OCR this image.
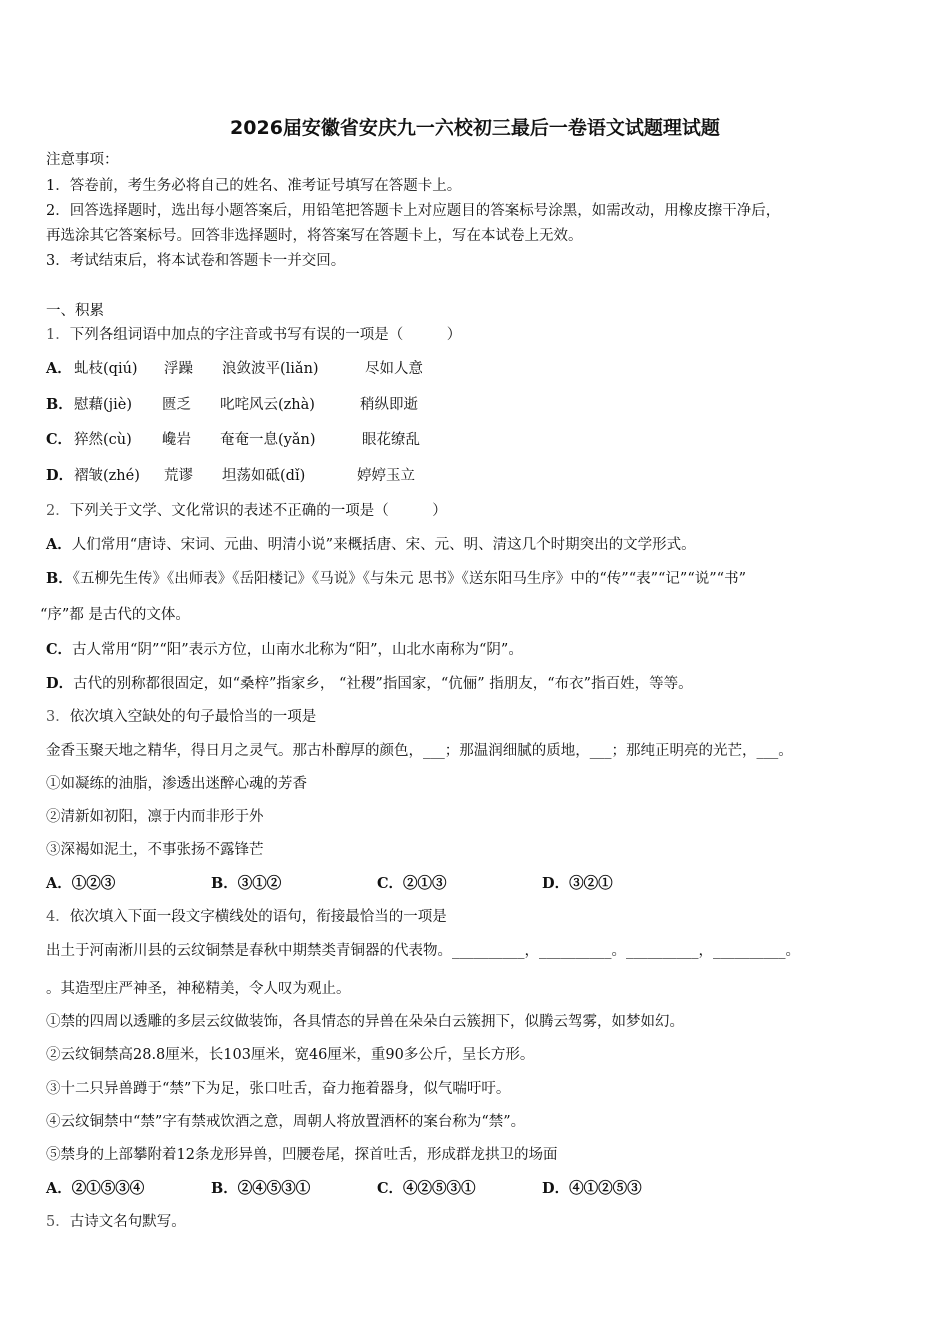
2026届安徽省安庆九一六校初三最后一卷语文试题理试题
注意事项：
1．答卷前，考生务必将自己的姓名、准考证号填写在答题卡上。
2．回答选择题时，选出每小题答案后，用铅笔把答题卡上对应题目的答案标号涂黑，如需改动，用橡皮擦干净后，
再选涂其它答案标号。回答非选择题时，将答案写在答题卡上，写在本试卷上无效。
3．考试结束后，将本试卷和答题卡一并交回。
一、积累
1．下列各组词语中加点的字注音或书写有误的一项是（　　　）
A． 虬枝(qiú) 浮躁 浪敛波平(liǎn)	尽如人意
B． 慰藉(jiè) 匮乏 叱咤风云(zhà)	稍纵即逝
C． 猝然(cù) 巉岩 奄奄一息(yǎn)	眼花缭乱
D． 褶皱(zhé) 荒谬 坦荡如砥(dǐ)	婷婷玉立
2．下列关于文学、文化常识的表述不正确的一项是（　　　）
A．人们常用“唐诗、宋词、元曲、明清小说”来概括唐、宋、元、明、清这几个时期突出的文学形式。
B．《五柳先生传》《出师表》《岳阳楼记》《马说》《与朱元 思书》《送东阳马生序》中的“传”“表”“记”“说”“书”
“序”都 是古代的文体。
C．古人常用“阴”“阳”表示方位，山南水北称为“阳”，山北水南称为“阴”。
D．古代的别称都很固定，如“桑梓”指家乡， “社稷”指国家，“伉俪” 指朋友，“布衣”指百姓，等等。
3．依次填入空缺处的句子最恰当的一项是
金香玉聚天地之精华，得日月之灵气。那古朴醇厚的颜色，___；那温润细腻的质地，___；那纯正明亮的光芒，___。
①如凝练的油脂，渗透出迷醉心魂的芳香
②清新如初阳，凛于内而非形于外
③深褐如泥土，不事张扬不露锋芒
A．①②③	B．③①②	C．②①③	D．③②①
4．依次填入下面一段文字横线处的语句，衔接最恰当的一项是
出土于河南淅川县的云纹铜禁是春秋中期禁类青铜器的代表物。__________，__________。__________，__________。
。其造型庄严神圣，神秘精美，令人叹为观止。
①禁的四周以透雕的多层云纹做装饰，各具情态的异兽在朵朵白云簇拥下，似腾云驾雾，如梦如幻。
②云纹铜禁高28.8厘米，长103厘米，宽46厘米，重90多公斤，呈长方形。
③十二只异兽蹲于“禁”下为足，张口吐舌，奋力拖着器身，似气喘吁吁。
④云纹铜禁中“禁”字有禁戒饮酒之意，周朝人将放置酒杯的案台称为“禁”。
⑤禁身的上部攀附着12条龙形异兽，凹腰卷尾，探首吐舌，形成群龙拱卫的场面
A．②①⑤③④	B．②④⑤③①	C．④②⑤③①	D．④①②⑤③
5．古诗文名句默写。
